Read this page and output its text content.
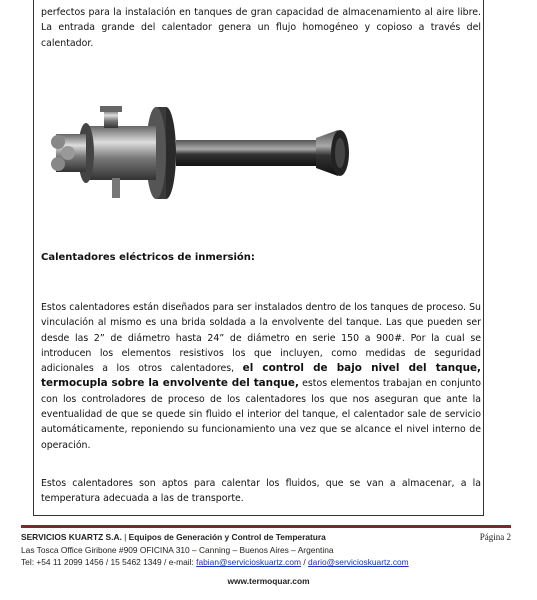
perfectos para la instalación en tanques de gran capacidad de almacenamiento al aire libre. La entrada grande del calentador genera un flujo homogéneo y copioso a través del calentador.

Calentadores eléctricos de inmersión:

Estos calentadores están diseñados para ser instalados dentro de los tanques de proceso. Su vinculación al mismo es una brida soldada a la envolvente del tanque. Las que pueden ser desde las 2” de diámetro hasta 24” de diámetro en serie 150 a 900#. Por la cual se introducen los elementos resistivos los que incluyen, como medidas de seguridad adicionales a los otros calentadores, el control de bajo nivel del tanque, termocupla sobre la envolvente del tanque, estos elementos trabajan en conjunto con los controladores de proceso de los calentadores los que nos aseguran que ante la eventualidad de que se quede sin fluido el interior del tanque, el calentador sale de servicio automáticamente, reponiendo su funcionamiento una vez que se alcance el nivel interno de operación.

Estos calentadores son aptos para calentar los fluidos, que se van a almacenar, a la temperatura adecuada a las de transporte.

SERVICIOS KUARTZ S.A. | Equipos de Generación y Control de Temperatura	Página 2

Las Tosca Office Giribone #909 OFICINA 310 – Canning – Buenos Aires – Argentina

Tel: +54 11 2099 1456 / 15 5462 1349 / e-mail: fabian@servicioskuartz.com / dario@servicioskuartz.com

www.termoquar.com
